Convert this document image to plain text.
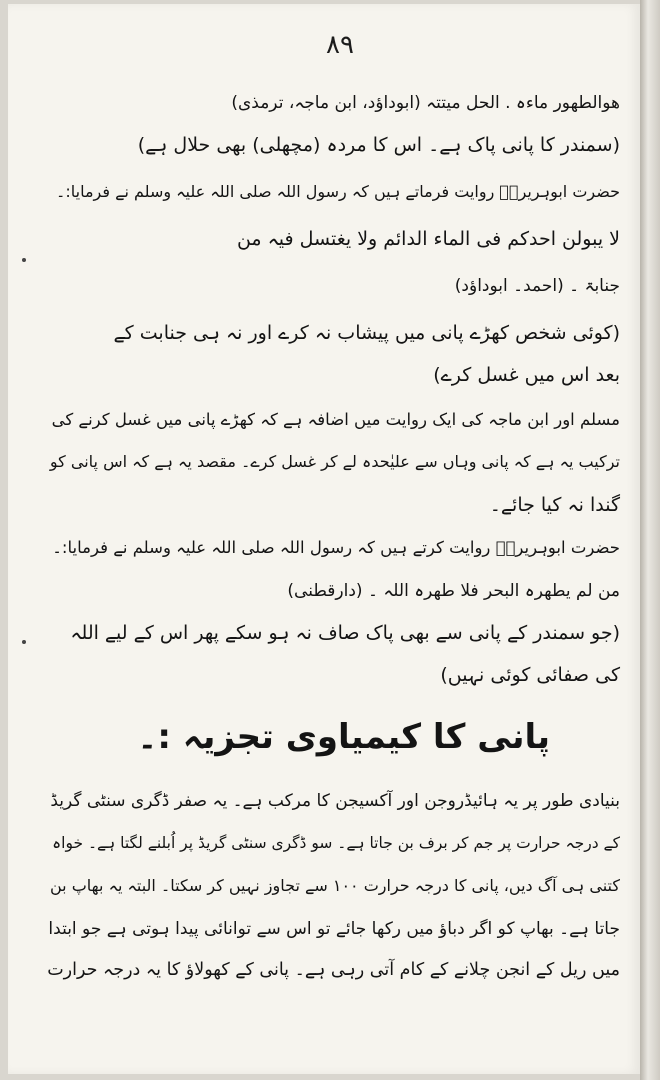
۸۹
ھوالطھور ماءہ . الحل میتتہ (ابوداؤد، ابن ماجہ، ترمذی)
(سمندر کا پانی پاک ہے۔ اس کا مردہ (مچھلی) بھی حلال ہے)
حضرت ابوہریرہؓ روایت فرماتے ہیں کہ رسول اللہ صلی اللہ علیہ وسلم نے فرمایا:۔
لا یبولن احدکم فی الماء الدائم ولا یغتسل فیہ من
جنابۃ ۔ (احمد۔ ابوداؤد)
(کوئی شخص کھڑے پانی میں پیشاب نہ کرے اور نہ ہی جنابت کے
بعد اس میں غسل کرے)
مسلم اور ابن ماجہ کی ایک روایت میں اضافہ ہے کہ کھڑے پانی میں غسل کرنے کی
ترکیب یہ ہے کہ پانی وہاں سے علیٰحدہ لے کر غسل کرے۔ مقصد یہ ہے کہ اس پانی کو
گندا نہ کیا جائے۔
حضرت ابوہریرہؓ روایت کرتے ہیں کہ رسول اللہ صلی اللہ علیہ وسلم نے فرمایا:۔
من لم یطھرہ البحر فلا طھرہ اللہ ۔ (دارقطنی)
(جو سمندر کے پانی سے بھی پاک صاف نہ ہو سکے پھر اس کے لیے اللہ
کی صفائی کوئی نہیں)
پانی کا کیمیاوی تجزیہ :۔
بنیادی طور پر یہ ہائیڈروجن اور آکسیجن کا مرکب ہے۔ یہ صفر ڈگری سنٹی گریڈ
کے درجہ حرارت پر جم کر برف بن جاتا ہے۔ سو ڈگری سنٹی گریڈ پر اُبلنے لگتا ہے۔ خواہ
کتنی ہی آگ دیں، پانی کا درجہ حرارت ۱۰۰ سے تجاوز نہیں کر سکتا۔ البتہ یہ بھاپ بن
جاتا ہے۔ بھاپ کو اگر دباؤ میں رکھا جائے تو اس سے توانائی پیدا ہوتی ہے جو ابتدا
میں ریل کے انجن چلانے کے کام آتی رہی ہے۔ پانی کے کھولاؤ کا یہ درجہ حرارت
